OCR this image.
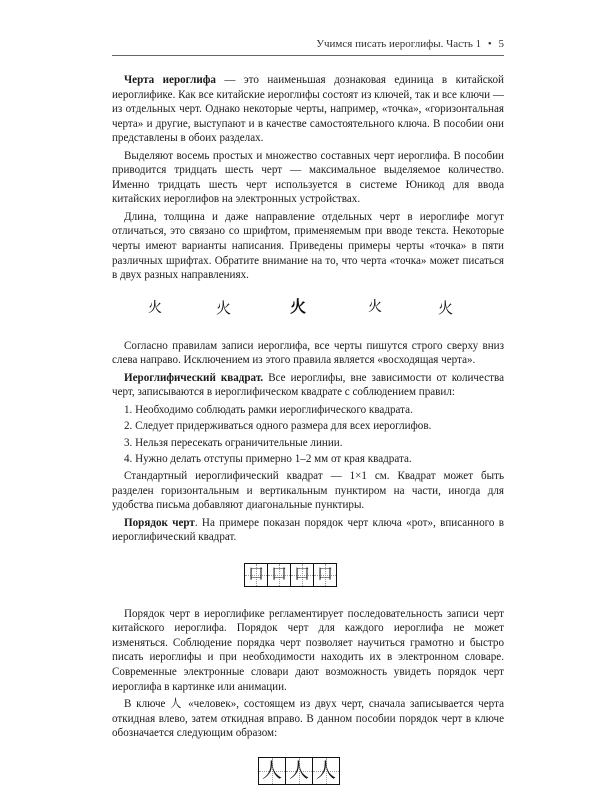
Учимся писать иероглифы. Часть 1 • 5

Черта иероглифа — это наименьшая дознаковая единица в китайской иероглифике. Как все китайские иероглифы состоят из ключей, так и все ключи — из отдельных черт. Однако некоторые черты, например, «точка», «горизонтальная черта» и другие, выступают и в качестве самостоятельного ключа. В пособии они представлены в обоих разделах.

Выделяют восемь простых и множество составных черт иероглифа. В пособии приводится тридцать шесть черт — максимальное выделяемое количество. Именно тридцать шесть черт используется в системе Юникод для ввода китайских иероглифов на электронных устройствах.

Длина, толщина и даже направление отдельных черт в иероглифе могут отличаться, это связано со шрифтом, применяемым при вводе текста. Некоторые черты имеют варианты написания. Приведены примеры черты «точка» в пяти различных шрифтах. Обратите внимание на то, что черта «точка» может писаться в двух разных направлениях.

火	火	火	火	火

Согласно правилам записи иероглифа, все черты пишутся строго сверху вниз слева направо. Исключением из этого правила является «восходящая черта».

Иероглифический квадрат. Все иероглифы, вне зависимости от количества черт, записываются в иероглифическом квадрате с соблюдением правил:

1. Необходимо соблюдать рамки иероглифического квадрата.

2. Следует придерживаться одного размера для всех иероглифов.

3. Нельзя пересекать ограничительные линии.

4. Нужно делать отступы примерно 1–2 мм от края квадрата.

Стандартный иероглифический квадрат — 1×1 см. Квадрат может быть разделен горизонтальным и вертикальным пунктиром на части, иногда для удобства письма добавляют диагональные пунктиры.

Порядок черт. На примере показан порядок черт ключа «рот», вписанного в иероглифический квадрат.

口 口 口 口

Порядок черт в иероглифике регламентирует последовательность записи черт китайского иероглифа. Порядок черт для каждого иероглифа не может изменяться. Соблюдение порядка черт позволяет научиться грамотно и быстро писать иероглифы и при необходимости находить их в электронном словаре. Современные электронные словари дают возможность увидеть порядок черт иероглифа в картинке или анимации.

В ключе 人 «человек», состоящем из двух черт, сначала записывается черта откидная влево, затем откидная вправо. В данном пособии порядок черт в ключе обозначается следующим образом:

人 人 人
